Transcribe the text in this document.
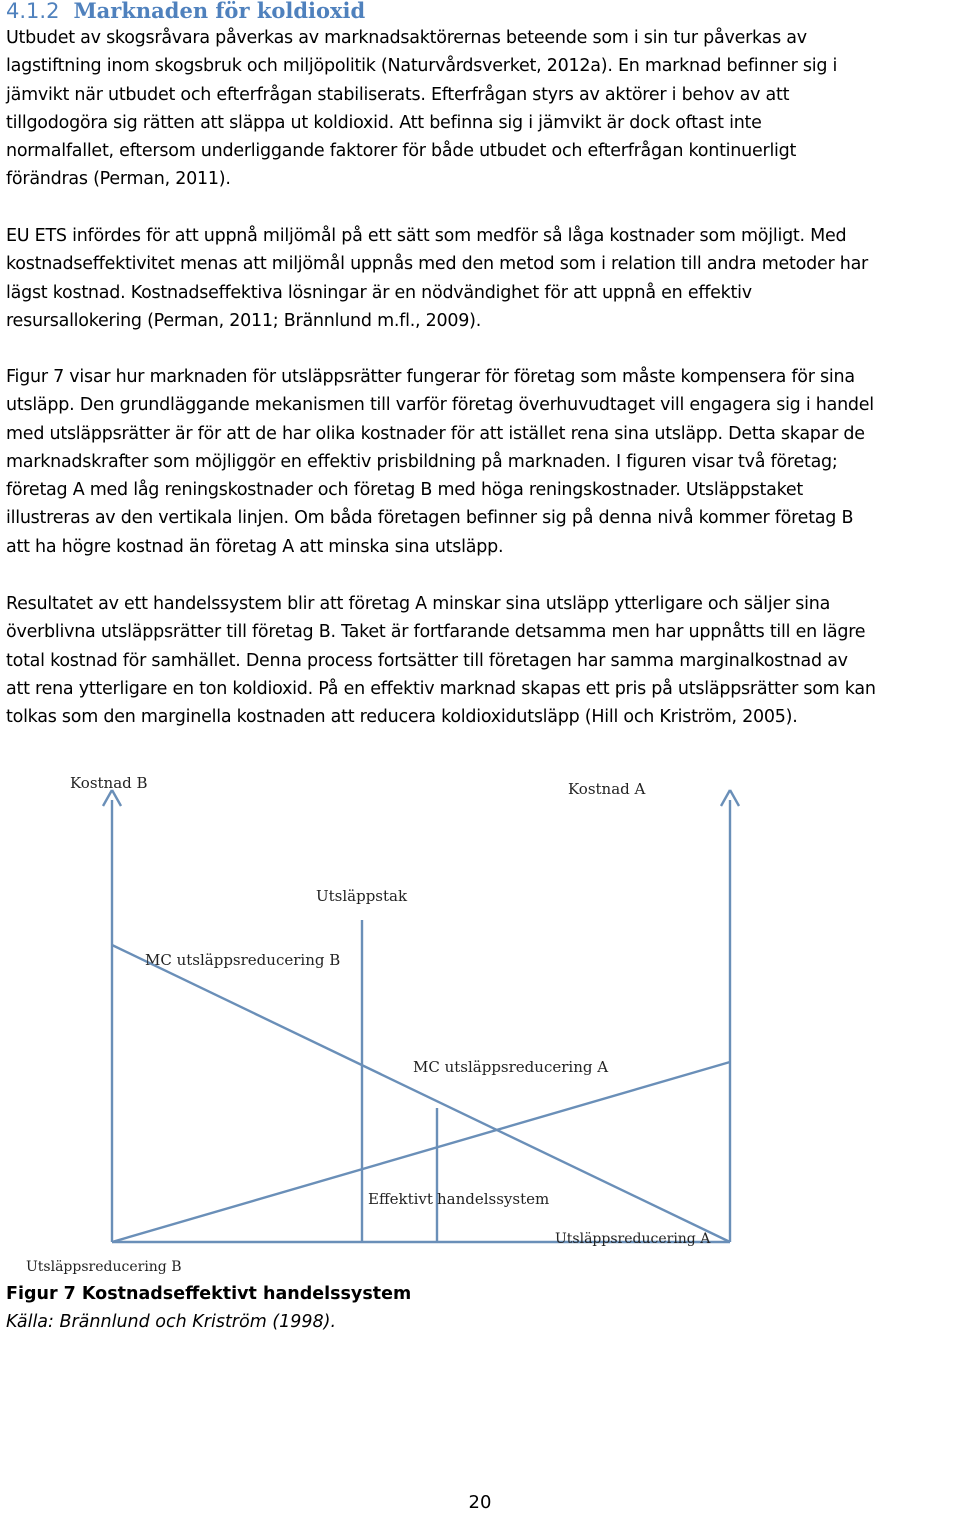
4.1.2 Marknaden för koldioxid
Utbudet av skogsråvara påverkas av marknadsaktörernas beteende som i sin tur påverkas av
lagstiftning inom skogsbruk och miljöpolitik (Naturvårdsverket, 2012a). En marknad befinner sig i
jämvikt när utbudet och efterfrågan stabiliserats. Efterfrågan styrs av aktörer i behov av att
tillgodogöra sig rätten att släppa ut koldioxid. Att befinna sig i jämvikt är dock oftast inte
normalfallet, eftersom underliggande faktorer för både utbudet och efterfrågan kontinuerligt
förändras (Perman, 2011).
EU ETS infördes för att uppnå miljömål på ett sätt som medför så låga kostnader som möjligt. Med
kostnadseffektivitet menas att miljömål uppnås med den metod som i relation till andra metoder har
lägst kostnad. Kostnadseffektiva lösningar är en nödvändighet för att uppnå en effektiv
resursallokering (Perman, 2011; Brännlund m.fl., 2009).
Figur 7 visar hur marknaden för utsläppsrätter fungerar för företag som måste kompensera för sina
utsläpp. Den grundläggande mekanismen till varför företag överhuvudtaget vill engagera sig i handel
med utsläppsrätter är för att de har olika kostnader för att istället rena sina utsläpp. Detta skapar de
marknadskrafter som möjliggör en effektiv prisbildning på marknaden. I figuren visar två företag;
företag A med låg reningskostnader och företag B med höga reningskostnader. Utsläppstaket
illustreras av den vertikala linjen. Om båda företagen befinner sig på denna nivå kommer företag B
att ha högre kostnad än företag A att minska sina utsläpp.
Resultatet av ett handelssystem blir att företag A minskar sina utsläpp ytterligare och säljer sina
överblivna utsläppsrätter till företag B. Taket är fortfarande detsamma men har uppnåtts till en lägre
total kostnad för samhället. Denna process fortsätter till företagen har samma marginalkostnad av
att rena ytterligare en ton koldioxid. På en effektiv marknad skapas ett pris på utsläppsrätter som kan
tolkas som den marginella kostnaden att reducera koldioxidutsläpp (Hill och Kriström, 2005).
Kostnad B	Kostnad A
Utsläppstak
MC utsläppsreducering B
MC utsläppsreducering A
Effektivt handelssystem
Utsläppsreducering B
Utsläppsreducering A
Figur 7 Kostnadseffektivt handelssystem
Källa: Brännlund och Kriström (1998).
20
